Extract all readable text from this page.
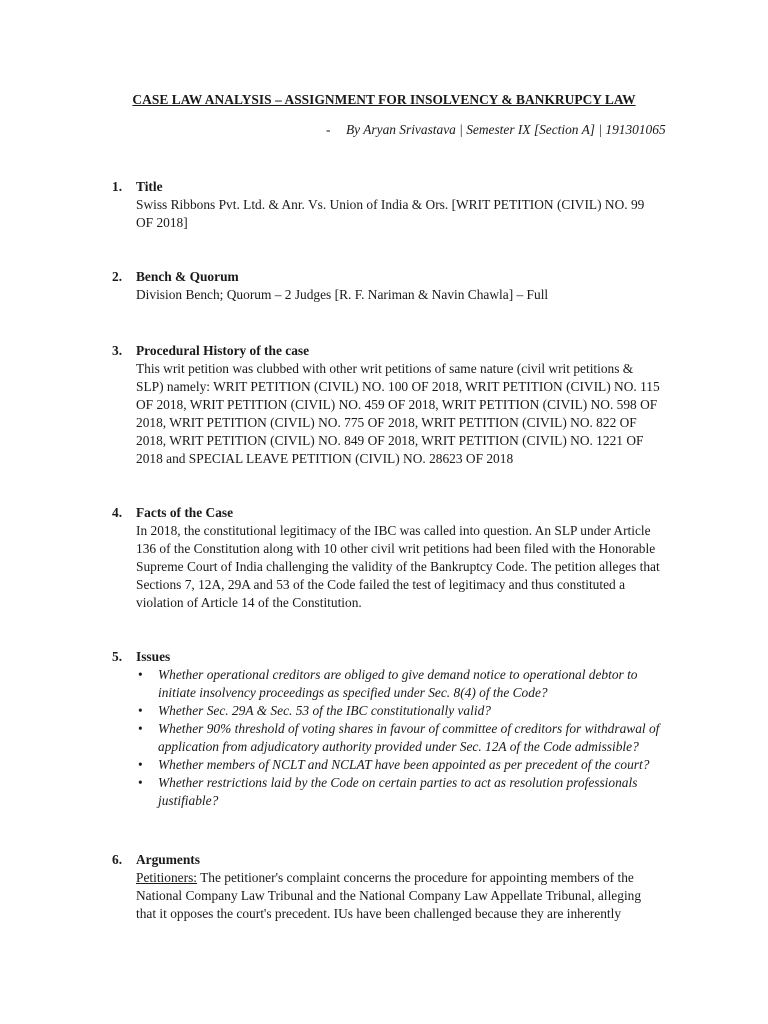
CASE LAW ANALYSIS – ASSIGNMENT FOR INSOLVENCY & BANKRUPCY LAW
- By Aryan Srivastava | Semester IX [Section A] | 191301065
1. Title
Swiss Ribbons Pvt. Ltd. & Anr. Vs. Union of India & Ors. [WRIT PETITION (CIVIL) NO. 99
OF 2018]
2. Bench & Quorum
Division Bench; Quorum – 2 Judges [R. F. Nariman & Navin Chawla] – Full
3. Procedural History of the case
This writ petition was clubbed with other writ petitions of same nature (civil writ petitions &
SLP) namely: WRIT PETITION (CIVIL) NO. 100 OF 2018, WRIT PETITION (CIVIL) NO. 115
OF 2018, WRIT PETITION (CIVIL) NO. 459 OF 2018, WRIT PETITION (CIVIL) NO. 598 OF
2018, WRIT PETITION (CIVIL) NO. 775 OF 2018, WRIT PETITION (CIVIL) NO. 822 OF
2018, WRIT PETITION (CIVIL) NO. 849 OF 2018, WRIT PETITION (CIVIL) NO. 1221 OF
2018 and SPECIAL LEAVE PETITION (CIVIL) NO. 28623 OF 2018
4. Facts of the Case
In 2018, the constitutional legitimacy of the IBC was called into question. An SLP under Article
136 of the Constitution along with 10 other civil writ petitions had been filed with the Honorable
Supreme Court of India challenging the validity of the Bankruptcy Code. The petition alleges that
Sections 7, 12A, 29A and 53 of the Code failed the test of legitimacy and thus constituted a
violation of Article 14 of the Constitution.
5. Issues
• Whether operational creditors are obliged to give demand notice to operational debtor to
initiate insolvency proceedings as specified under Sec. 8(4) of the Code?
• Whether Sec. 29A & Sec. 53 of the IBC constitutionally valid?
• Whether 90% threshold of voting shares in favour of committee of creditors for withdrawal of
application from adjudicatory authority provided under Sec. 12A of the Code admissible?
• Whether members of NCLT and NCLAT have been appointed as per precedent of the court?
• Whether restrictions laid by the Code on certain parties to act as resolution professionals
justifiable?
6. Arguments
Petitioners: The petitioner's complaint concerns the procedure for appointing members of the
National Company Law Tribunal and the National Company Law Appellate Tribunal, alleging
that it opposes the court's precedent. IUs have been challenged because they are inherently
